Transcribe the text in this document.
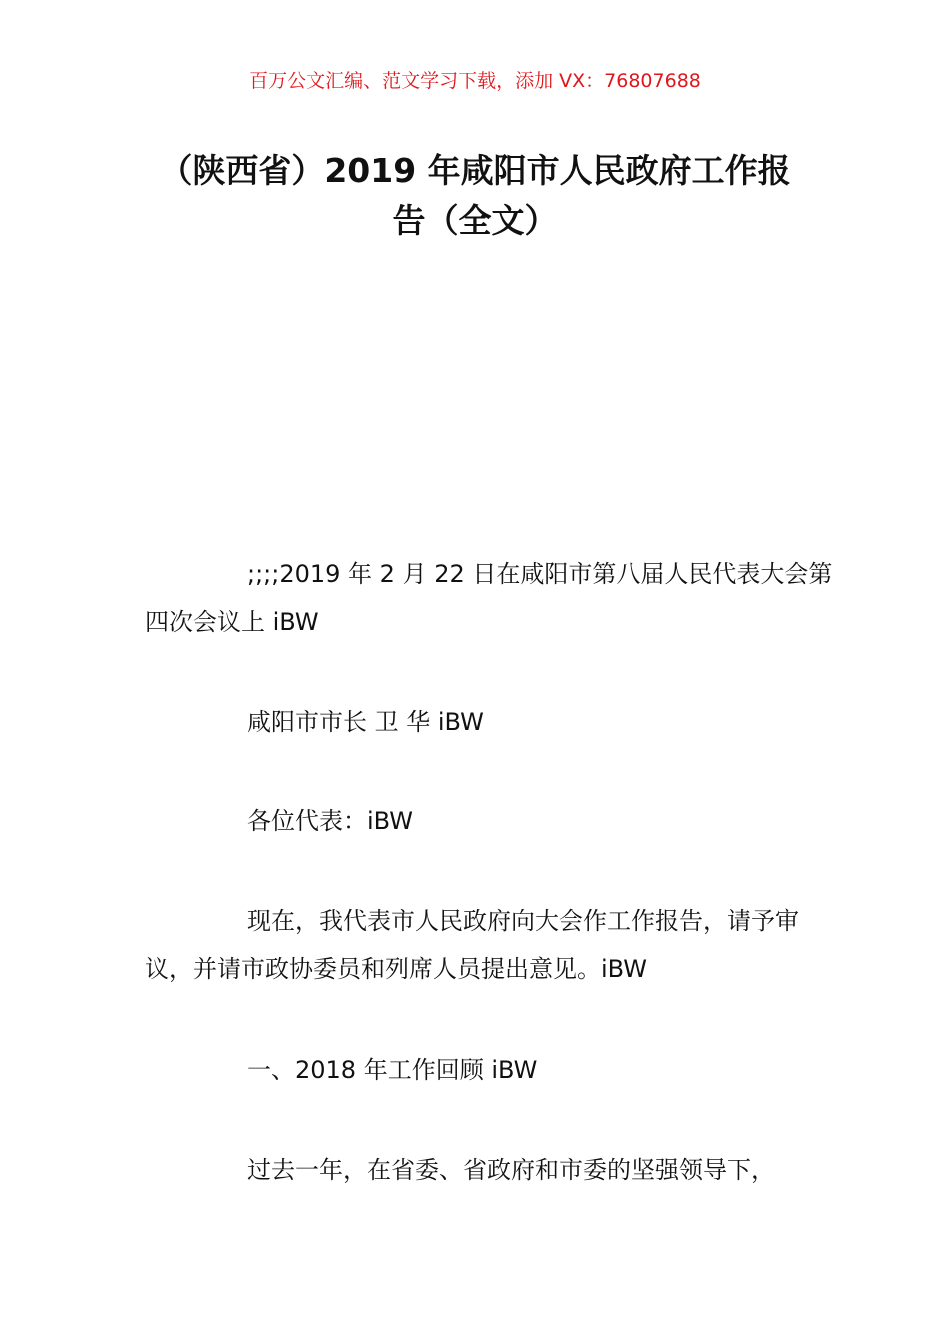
百万公文汇编、范文学习下载，添加 VX：76807688
（陕西省）2019 年咸阳市人民政府工作报
告（全文）
;;;;2019 年 2 月 22 日在咸阳市第八届人民代表大会第四次会议上 iBW
咸阳市市长 卫 华 iBW
各位代表：iBW
现在，我代表市人民政府向大会作工作报告，请予审议，并请市政协委员和列席人员提出意见。iBW
一、2018 年工作回顾 iBW
过去一年，在省委、省政府和市委的坚强领导下，
